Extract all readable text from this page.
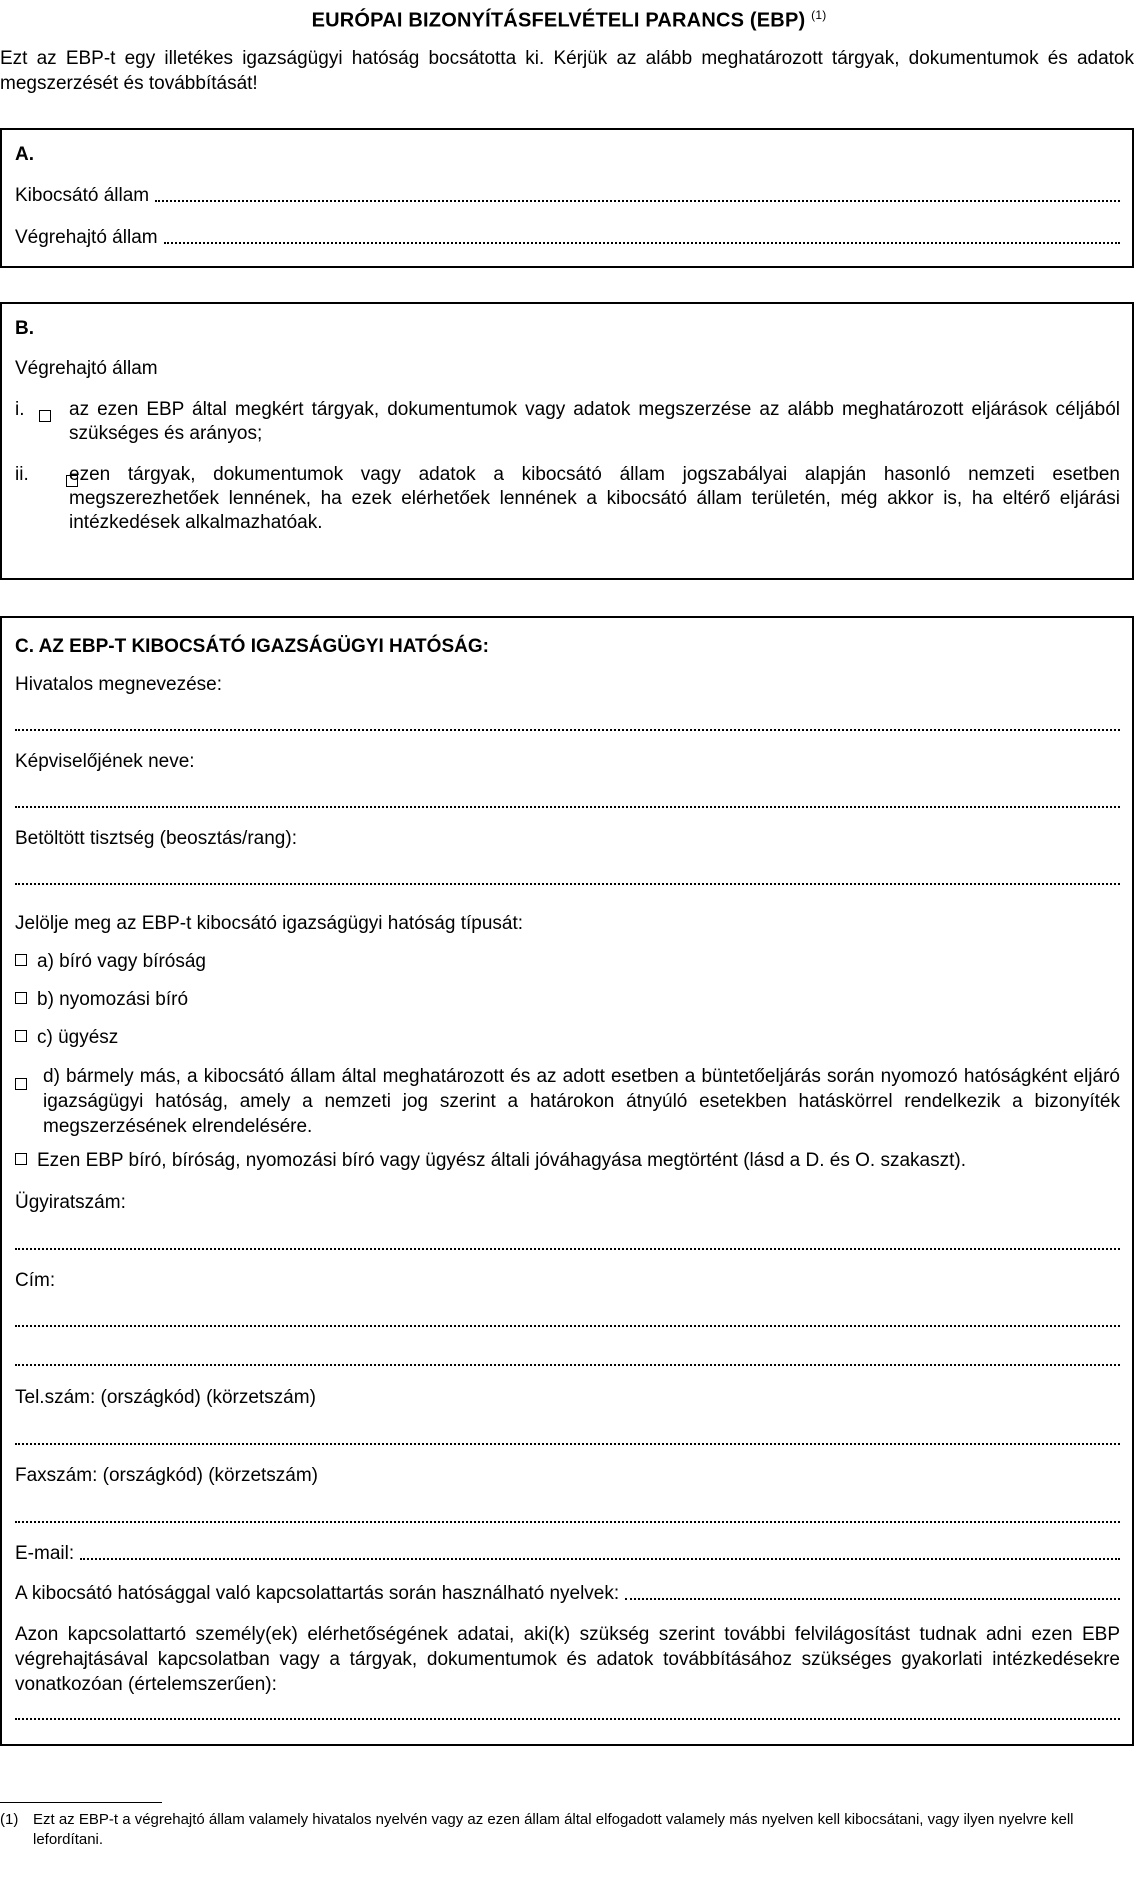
EURÓPAI BIZONYÍTÁSFELVÉTELI PARANCS (EBP) $^{(1)}$
Ezt az EBP-t egy illetékes igazságügyi hatóság bocsátotta ki. Kérjük az alább meghatározott tárgyak, dokumentumok és adatok megszerzését és továbbítását!
A.
Kibocsátó állam
Végrehajtó állam
B.
Végrehajtó állam
i.
az ezen EBP által megkért tárgyak, dokumentumok vagy adatok megszerzése az alább meghatározott eljárások céljából szükséges és arányos;
ii. ezen tárgyak, dokumentumok vagy adatok a kibocsátó állam jogszabályai alapján hasonló nemzeti esetben megszerezhetőek lennének, ha ezek elérhetőek lennének a kibocsátó állam területén, még akkor is, ha eltérő eljárási intézkedések alkalmazhatóak.
C. AZ EBP-T KIBOCSÁTÓ IGAZSÁGÜGYI HATÓSÁG:
Hivatalos megnevezése:
Képviselőjének neve:
Betöltött tisztség (beosztás/rang):
Jelölje meg az EBP-t kibocsátó igazságügyi hatóság típusát:
a) bíró vagy bíróság
b) nyomozási bíró
c) ügyész
d) bármely más, a kibocsátó állam által meghatározott és az adott esetben a büntetőeljárás során nyomozó hatóságként eljáró igazságügyi hatóság, amely a nemzeti jog szerint a határokon átnyúló esetekben hatáskörrel rendelkezik a bizonyíték megszerzésének elrendelésére.
Ezen EBP bíró, bíróság, nyomozási bíró vagy ügyész általi jóváhagyása megtörtént (lásd a D. és O. szakaszt).
Ügyiratszám:
Cím:
Tel.szám: (országkód) (körzetszám)
Faxszám: (országkód) (körzetszám)
E-mail:
A kibocsátó hatósággal való kapcsolattartás során használható nyelvek:
Azon kapcsolattartó személy(ek) elérhetőségének adatai, aki(k) szükség szerint további felvilágosítást tudnak adni ezen EBP végrehajtásával kapcsolatban vagy a tárgyak, dokumentumok és adatok továbbításához szükséges gyakorlati intézkedésekre vonatkozóan (értelemszerűen):
(1) Ezt az EBP-t a végrehajtó állam valamely hivatalos nyelvén vagy az ezen állam által elfogadott valamely más nyelven kell kibocsátani, vagy ilyen nyelvre kell lefordítani.
